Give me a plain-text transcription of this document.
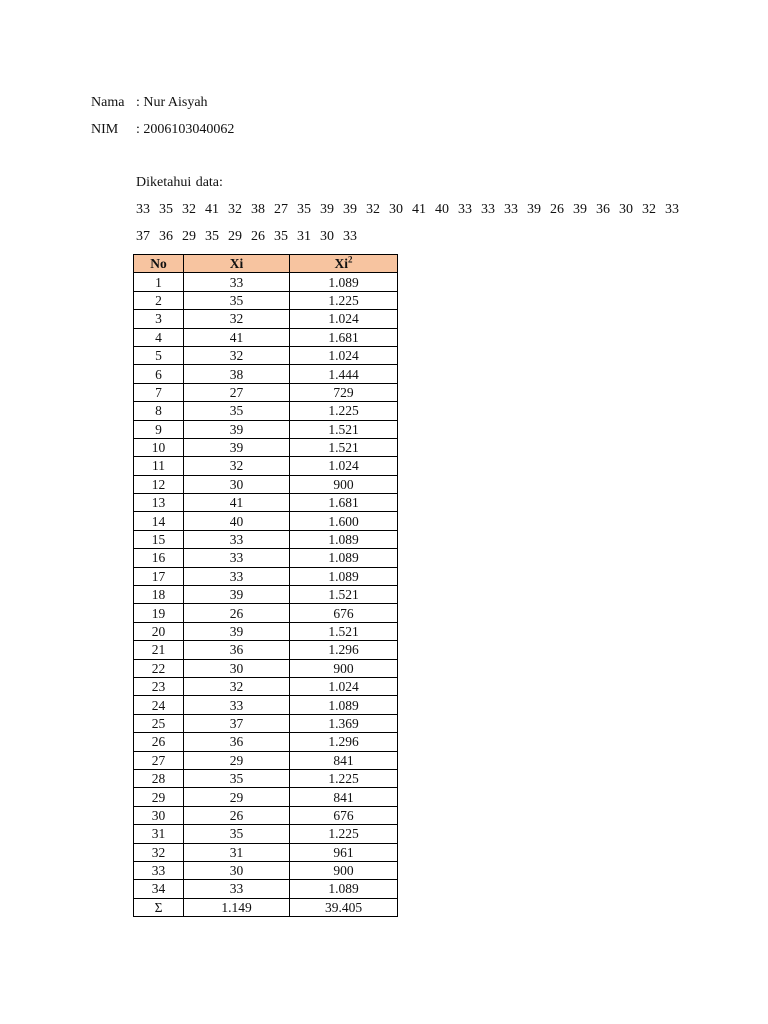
Nama : Nur Aisyah
NIM	: 2006103040062
Diketahui data:
33  35  32  41  32  38  27  35  39  39  32  30  41  40  33  33  33  39  26  39  36  30  32  33
37  36  29  35  29  26  35  31  30  33
No	Xi	Xi$^2$
1	33	1.089
2	35	1.225
3	32	1.024
4	41	1.681
5	32	1.024
6	38	1.444
7	27	729
8	35	1.225
9	39	1.521
10	39	1.521
11	32	1.024
12	30	900
13	41	1.681
14	40	1.600
15	33	1.089
16	33	1.089
17	33	1.089
18	39	1.521
19	26	676
20	39	1.521
21	36	1.296
22	30	900
23	32	1.024
24	33	1.089
25	37	1.369
26	36	1.296
27	29	841
28	35	1.225
29	29	841
30	26	676
31	35	1.225
32	31	961
33	30	900
34	33	1.089
Σ	1.149	39.405
